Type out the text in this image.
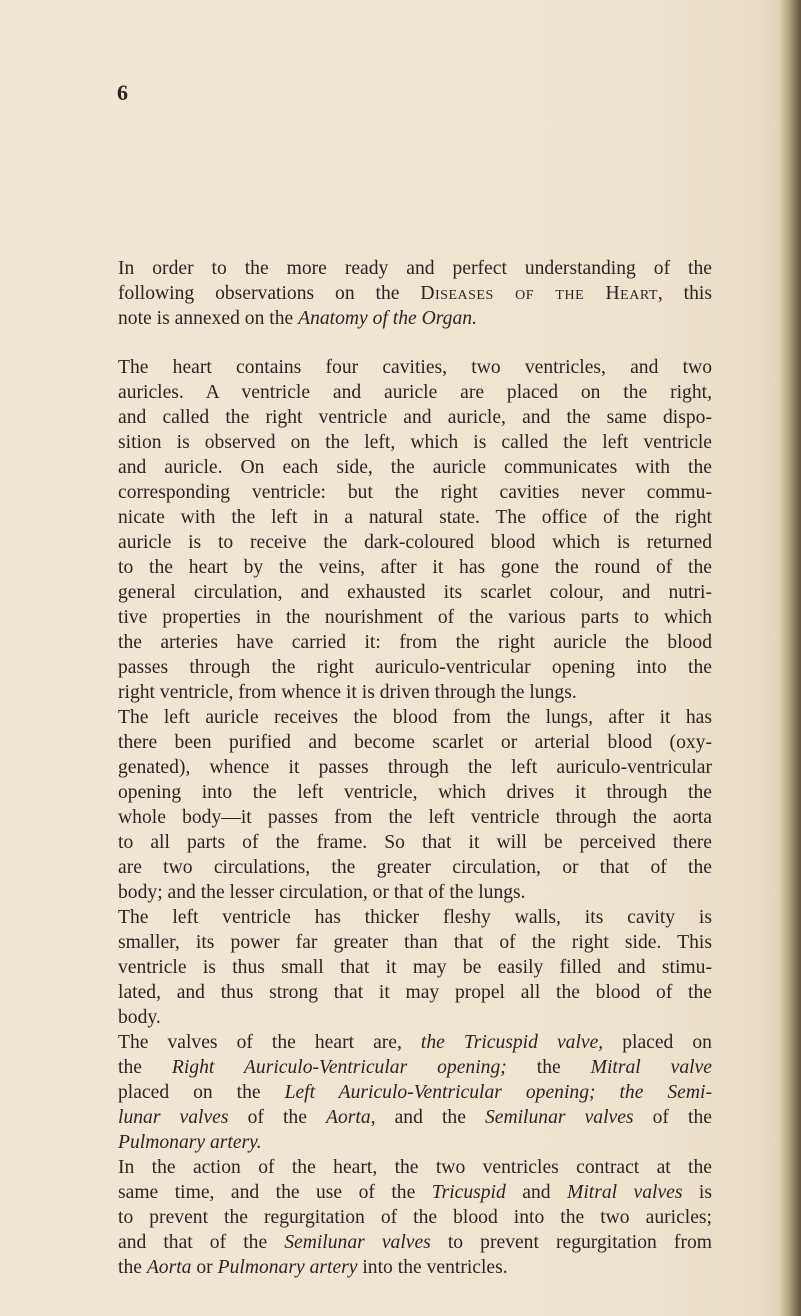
6
In order to the more ready and perfect understanding of the
following observations on the Diseases of the Heart, this
note is annexed on the Anatomy of the Organ.
The heart contains four cavities, two ventricles, and two
auricles. A ventricle and auricle are placed on the right,
and called the right ventricle and auricle, and the same dispo-
sition is observed on the left, which is called the left ventricle
and auricle. On each side, the auricle communicates with the
corresponding ventricle: but the right cavities never commu-
nicate with the left in a natural state. The office of the right
auricle is to receive the dark-coloured blood which is returned
to the heart by the veins, after it has gone the round of the
general circulation, and exhausted its scarlet colour, and nutri-
tive properties in the nourishment of the various parts to which
the arteries have carried it: from the right auricle the blood
passes through the right auriculo-ventricular opening into the
right ventricle, from whence it is driven through the lungs.
The left auricle receives the blood from the lungs, after it has
there been purified and become scarlet or arterial blood (oxy-
genated), whence it passes through the left auriculo-ventricular
opening into the left ventricle, which drives it through the
whole body—it passes from the left ventricle through the aorta
to all parts of the frame. So that it will be perceived there
are two circulations, the greater circulation, or that of the
body; and the lesser circulation, or that of the lungs.
The left ventricle has thicker fleshy walls, its cavity is
smaller, its power far greater than that of the right side. This
ventricle is thus small that it may be easily filled and stimu-
lated, and thus strong that it may propel all the blood of the
body.
The valves of the heart are, the Tricuspid valve, placed on
the Right Auriculo-Ventricular opening; the Mitral valve
placed on the Left Auriculo-Ventricular opening; the Semi-
lunar valves of the Aorta, and the Semilunar valves of the
Pulmonary artery.
In the action of the heart, the two ventricles contract at the
same time, and the use of the Tricuspid and Mitral valves is
to prevent the regurgitation of the blood into the two auricles;
and that of the Semilunar valves to prevent regurgitation from
the Aorta or Pulmonary artery into the ventricles.
